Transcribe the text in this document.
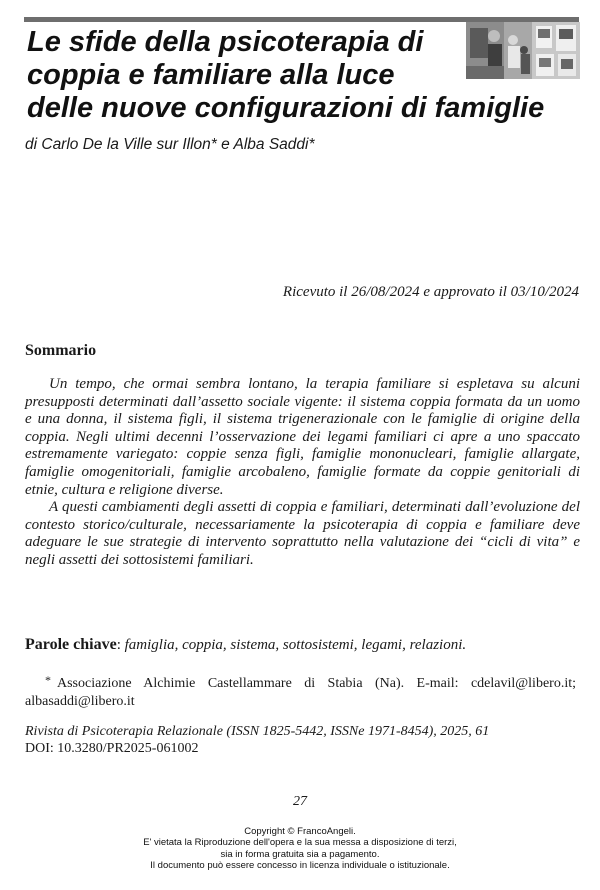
Le sfide della psicoterapia di
coppia e familiare alla luce
delle nuove configurazioni di famiglie
di Carlo De la Ville sur Illon* e Alba Saddi*
Ricevuto il 26/08/2024 e approvato il 03/10/2024
Sommario

Un tempo, che ormai sembra lontano, la terapia familiare si espletava su alcuni presupposti determinati dall’assetto sociale vigente: il sistema coppia formata da un uomo e una donna, il sistema figli, il sistema trigenerazionale con le famiglie di origine della coppia. Negli ultimi decenni l’osservazione dei legami familiari ci apre a uno spaccato estremamente variegato: coppie senza figli, famiglie mononucleari, famiglie allargate, famiglie omogenitoriali, famiglie arcobaleno, famiglie formate da coppie genitoriali di etnie, cultura e religione diverse.

A questi cambiamenti degli assetti di coppia e familiari, determinati dall’evoluzione del contesto storico/culturale, necessariamente la psicoterapia di coppia e familiare deve adeguare le sue strategie di intervento soprattutto nella valutazione dei “cicli di vita” e negli assetti dei sottosistemi familiari.

Parole chiave: famiglia, coppia, sistema, sottosistemi, legami, relazioni.
* Associazione Alchimie Castellammare di Stabia (Na). E-mail: cdelavil@libero.it; albasaddi@libero.it
Rivista di Psicoterapia Relazionale (ISSN 1825-5442, ISSNe 1971-8454), 2025, 61
DOI: 10.3280/PR2025-061002
27
Copyright © FrancoAngeli.
E' vietata la Riproduzione dell'opera e la sua messa a disposizione di terzi,
sia in forma gratuita sia a pagamento.
Il documento può essere concesso in licenza individuale o istituzionale.
